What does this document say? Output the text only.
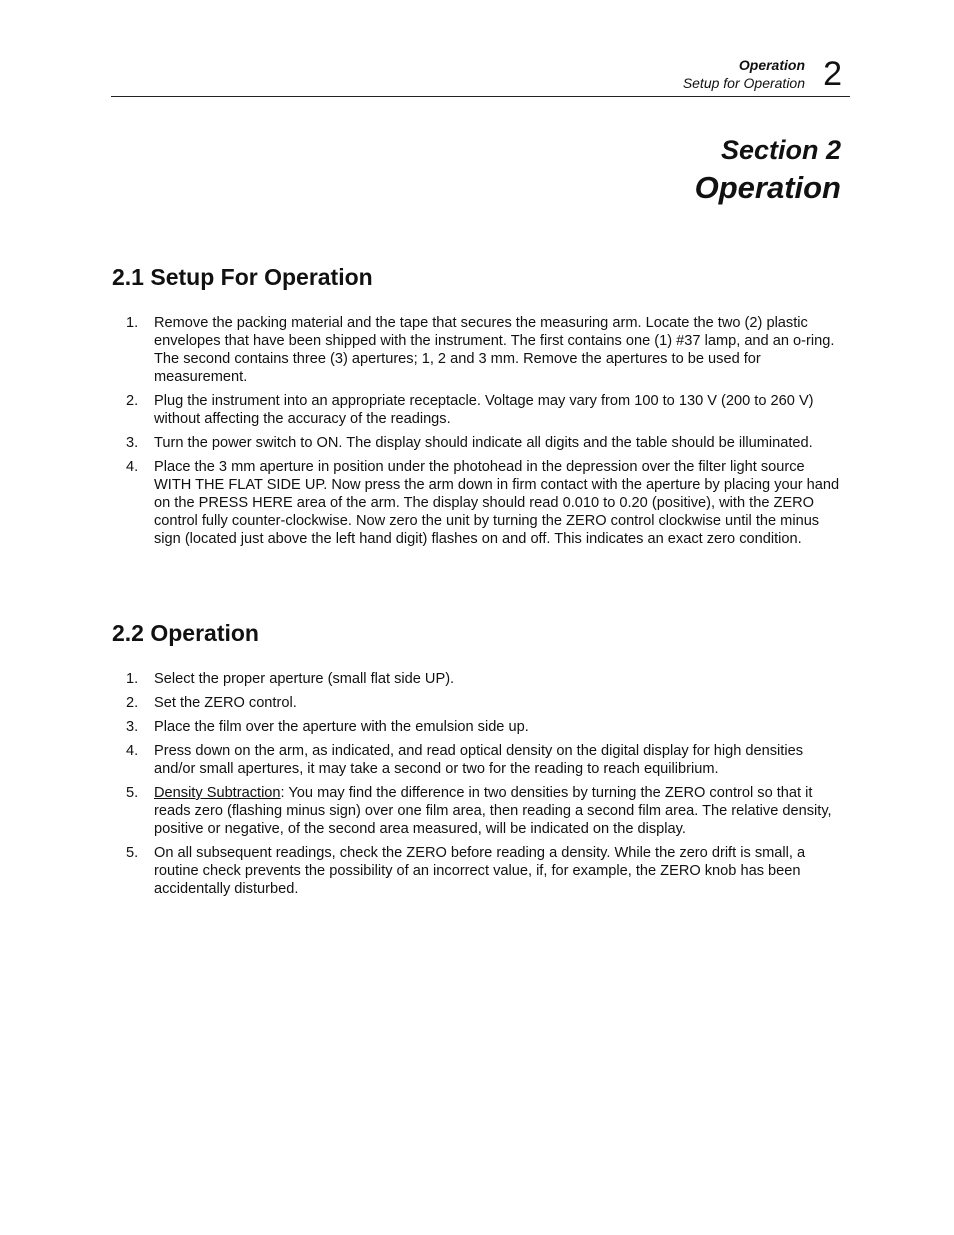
Operation
Setup for Operation 2
Section 2
Operation
2.1 Setup For Operation
1. Remove the packing material and the tape that secures the measuring arm. Locate the two (2) plastic envelopes that have been shipped with the instrument. The first contains one (1) #37 lamp, and an o-ring. The second contains three (3) apertures; 1, 2 and 3 mm. Remove the apertures to be used for measurement.
2. Plug the instrument into an appropriate receptacle. Voltage may vary from 100 to 130 V (200 to 260 V) without affecting the accuracy of the readings.
3. Turn the power switch to ON. The display should indicate all digits and the table should be illuminated.
4. Place the 3 mm aperture in position under the photohead in the depression over the filter light source WITH THE FLAT SIDE UP. Now press the arm down in firm contact with the aperture by placing your hand on the PRESS HERE area of the arm. The display should read 0.010 to 0.20 (positive), with the ZERO control fully counter-clockwise. Now zero the unit by turning the ZERO control clockwise until the minus sign (located just above the left hand digit) flashes on and off. This indicates an exact zero condition.
2.2 Operation
1. Select the proper aperture (small flat side UP).
2. Set the ZERO control.
3. Place the film over the aperture with the emulsion side up.
4. Press down on the arm, as indicated, and read optical density on the digital display for high densities and/or small apertures, it may take a second or two for the reading to reach equilibrium.
5. Density Subtraction: You may find the difference in two densities by turning the ZERO control so that it reads zero (flashing minus sign) over one film area, then reading a second film area. The relative density, positive or negative, of the second area measured, will be indicated on the display.
5. On all subsequent readings, check the ZERO before reading a density. While the zero drift is small, a routine check prevents the possibility of an incorrect value, if, for example, the ZERO knob has been accidentally disturbed.
